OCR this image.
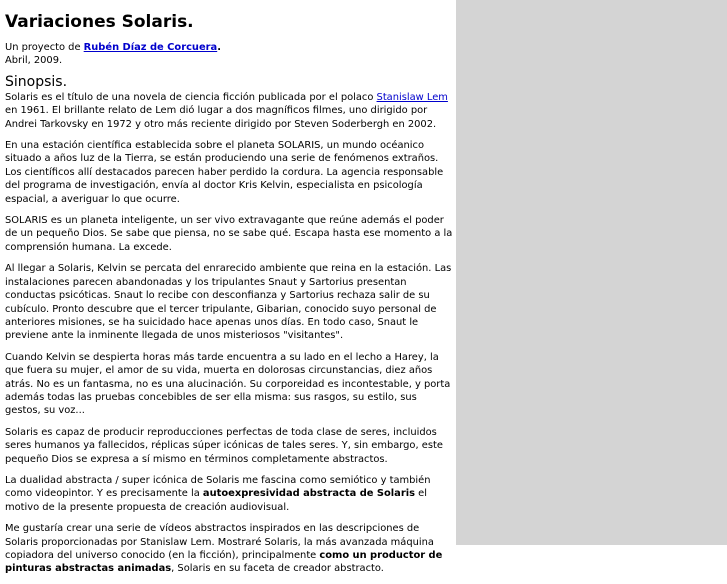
Variaciones Solaris.
Un proyecto de Rubén Díaz de Corcuera.
Abril, 2009.
Sinopsis.

Solaris es el título de una novela de ciencia ficción publicada por el polaco Stanislaw Lem en 1961. El brillante relato de Lem dió lugar a dos magníficos filmes, uno dirigido por Andrei Tarkovsky en 1972 y otro más reciente dirigido por Steven Soderbergh en 2002.

En una estación científica establecida sobre el planeta SOLARIS, un mundo océanico situado a años luz de la Tierra, se están produciendo una serie de fenómenos extraños. Los científicos allí destacados parecen haber perdido la cordura. La agencia responsable del programa de investigación, envía al doctor Kris Kelvin, especialista en psicología espacial, a averiguar lo que ocurre.

SOLARIS es un planeta inteligente, un ser vivo extravagante que reúne además el poder de un pequeño Dios. Se sabe que piensa, no se sabe qué. Escapa hasta ese momento a la comprensión humana. La excede.

Al llegar a Solaris, Kelvin se percata del enrarecido ambiente que reina en la estación. Las instalaciones parecen abandonadas y los tripulantes Snaut y Sartorius presentan conductas psicóticas. Snaut lo recibe con desconfianza y Sartorius rechaza salir de su cubículo. Pronto descubre que el tercer tripulante, Gibarian, conocido suyo personal de anteriores misiones, se ha suicidado hace apenas unos días. En todo caso, Snaut le previene ante la inminente llegada de unos misteriosos "visitantes".

Cuando Kelvin se despierta horas más tarde encuentra a su lado en el lecho a Harey, la que fuera su mujer, el amor de su vida, muerta en dolorosas circunstancias, diez años atrás. No es un fantasma, no es una alucinación. Su corporeidad es incontestable, y porta además todas las pruebas concebibles de ser ella misma: sus rasgos, su estilo, sus gestos, su voz...

Solaris es capaz de producir reproducciones perfectas de toda clase de seres, incluidos seres humanos ya fallecidos, réplicas súper icónicas de tales seres. Y, sin embargo, este pequeño Dios se expresa a sí mismo en términos completamente abstractos.

La dualidad abstracta / super icónica de Solaris me fascina como semiótico y también como videopintor. Y es precisamente la autoexpresividad abstracta de Solaris el motivo de la presente propuesta de creación audiovisual.

Me gustaría crear una serie de vídeos abstractos inspirados en las descripciones de Solaris proporcionadas por Stanislaw Lem. Mostraré Solaris, la más avanzada máquina copiadora del universo conocido (en la ficción), principalmente como un productor de pinturas abstractas animadas, Solaris en su faceta de creador abstracto.
